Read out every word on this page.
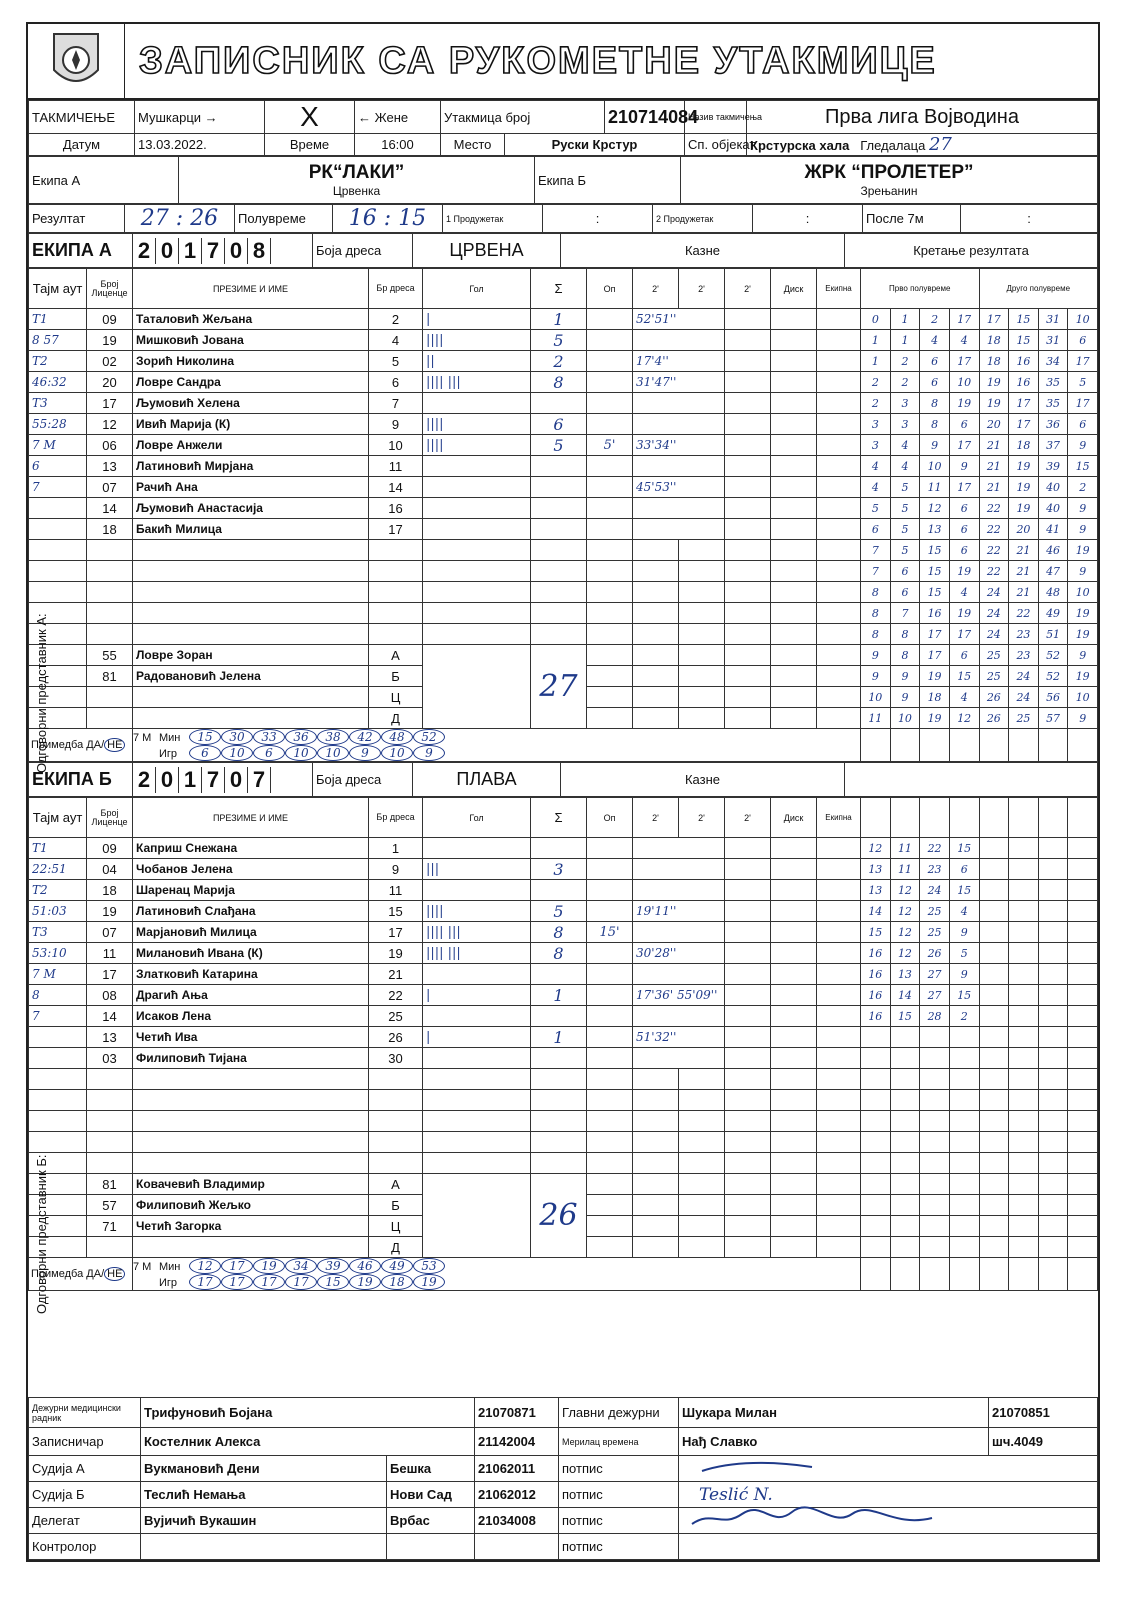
ЗАПИСНИК СА РУКОМЕТНЕ УТАКМИЦЕ
ТАКМИЧЕЊЕ	Мушкарци →	X	← Жене	Утакмица број		210714084	Назив такмичења	Прва лига Војводина
Датум	13.03.2022.	Време	16:00	Место	Руски Крстур		Сп. објекат	Крстурска хала Гледалаца 27
Екипа А	РК“ЛАКИ”
Црвенка
	Екипа Б	ЖРК “ПРОЛЕТЕР”
Зрењанин
Резултат	27 : 26	Полувреме	16 : 15	1 Продужетак	:	2 Продужетак	:	После 7м	:
ЕКИПА А	2 0 1 7 0 8	Боја дреса	ЦРВЕНА	Казне	Кретање резултата
Тајм аут	Број Лиценце	ПРЕЗИМЕ И ИМЕ	Бр дреса	Гол	Σ	Оп	2'	2'	2'	Диск	Екипна	Прво полувреме				Друго полувреме			
T1	09	Таталовић Жељана	2	|	1		52'51''					0	1	2	17	17	15	31	10
8 57	19	Мишковић Јована	4	||||	5							1	1	4	4	18	15	31	6
T2	02	Зорић Николина	5	||	2		17'4''					1	2	6	17	18	16	34	17
46:32	20	Ловре Сандра	6	|||| |||	8		31'47''					2	2	6	10	19	16	35	5
T3	17	Љумовић Хелена	7									2	3	8	19	19	17	35	17
55:28	12	Ивић Марија (К)	9	||||	6							3	3	8	6	20	17	36	6
7 М	06	Ловре Анжели	10	||||	5	5'	33'34''					3	4	9	17	21	18	37	9
6	13	Латиновић Мирјана	11									4	4	10	9	21	19	39	15
7	07	Рачић Ана	14				45'53''					4	5	11	17	21	19	40	2
	14	Љумовић Анастасија	16									5	5	12	6	22	19	40	9
	18	Бакић Милица	17									6	5	13	6	22	20	41	9
												7	5	15	6	22	21	46	19
												7	6	15	19	22	21	47	9
												8	6	15	4	24	21	48	10
												8	7	16	19	24	22	49	19
												8	8	17	17	24	23	51	19
	55	Ловре Зоран	А		27							9	8	17	6	25	23	52	9
	81	Радовановић Јелена	Б									9	9	19	15	25	24	52	19
			Ц									10	9	18	4	26	24	56	10
			Д									11	10	19	12	26	25	57	9
Примедба ДА/ НЕ		7 М Мин 15 30 33 36 38 42 48 52
Игр 6 10 6 10 10 9 10 9																	
Одговорни представник А:
ЕКИПА Б	2 0 1 7 0 7	Боја дреса	ПЛАВА	Казне	
Тајм аут	Број Лиценце	ПРЕЗИМЕ И ИМЕ	Бр дреса	Гол	Σ	Оп	2'	2'	2'	Диск	Екипна								
T1	09	Каприш Снежана	1									12	11	22	15				
22:51	04	Чобанов Јелена	9	|||	3							13	11	23	6				
T2	18	Шаренац Марија	11									13	12	24	15				
51:03	19	Латиновић Слађана	15	||||	5		19'11''					14	12	25	4				
T3	07	Марјановић Милица	17	|||| |||	8	15'						15	12	25	9				
53:10	11	Милановић Ивана (К)	19	|||| |||	8		30'28''					16	12	26	5				
7 М	17	Златковић Катарина	21									16	13	27	9				
8	08	Драгић Ања	22	|	1		17'36' 55'09''					16	14	27	15				
7	14	Исаков Лена	25									16	15	28	2				
	13	Четић Ива	26	|	1		51'32''												
	03	Филиповић Тијана	30																

	81	Ковачевић Владимир	А		26														
	57	Филиповић Жељко	Б																
	71	Четић Загорка	Ц																
			Д																
Примедба ДА/ НЕ		7 М Мин 12 17 19 34 39 46 49 53
Игр 17 17 17 17 15 19 18 19																	
Одговорни представник Б:
Дежурни медицински радник	Трифуновић Бојана		21070871	Главни дежурни	Шукара Милан	21070851
Записничар	Костелник Алекса		21142004	Мерилац времена	Нађ Славко	шч.4049
Судија А	Вукмановић Дени	Бешка	21062011	потпис	
Судија Б	Теслић Немања	Нови Сад	21062012	потпис	Teslić N.	
Делегат	Вујичић Вукашин	Врбас	21034008	потпис	
Контролор				потпис		
